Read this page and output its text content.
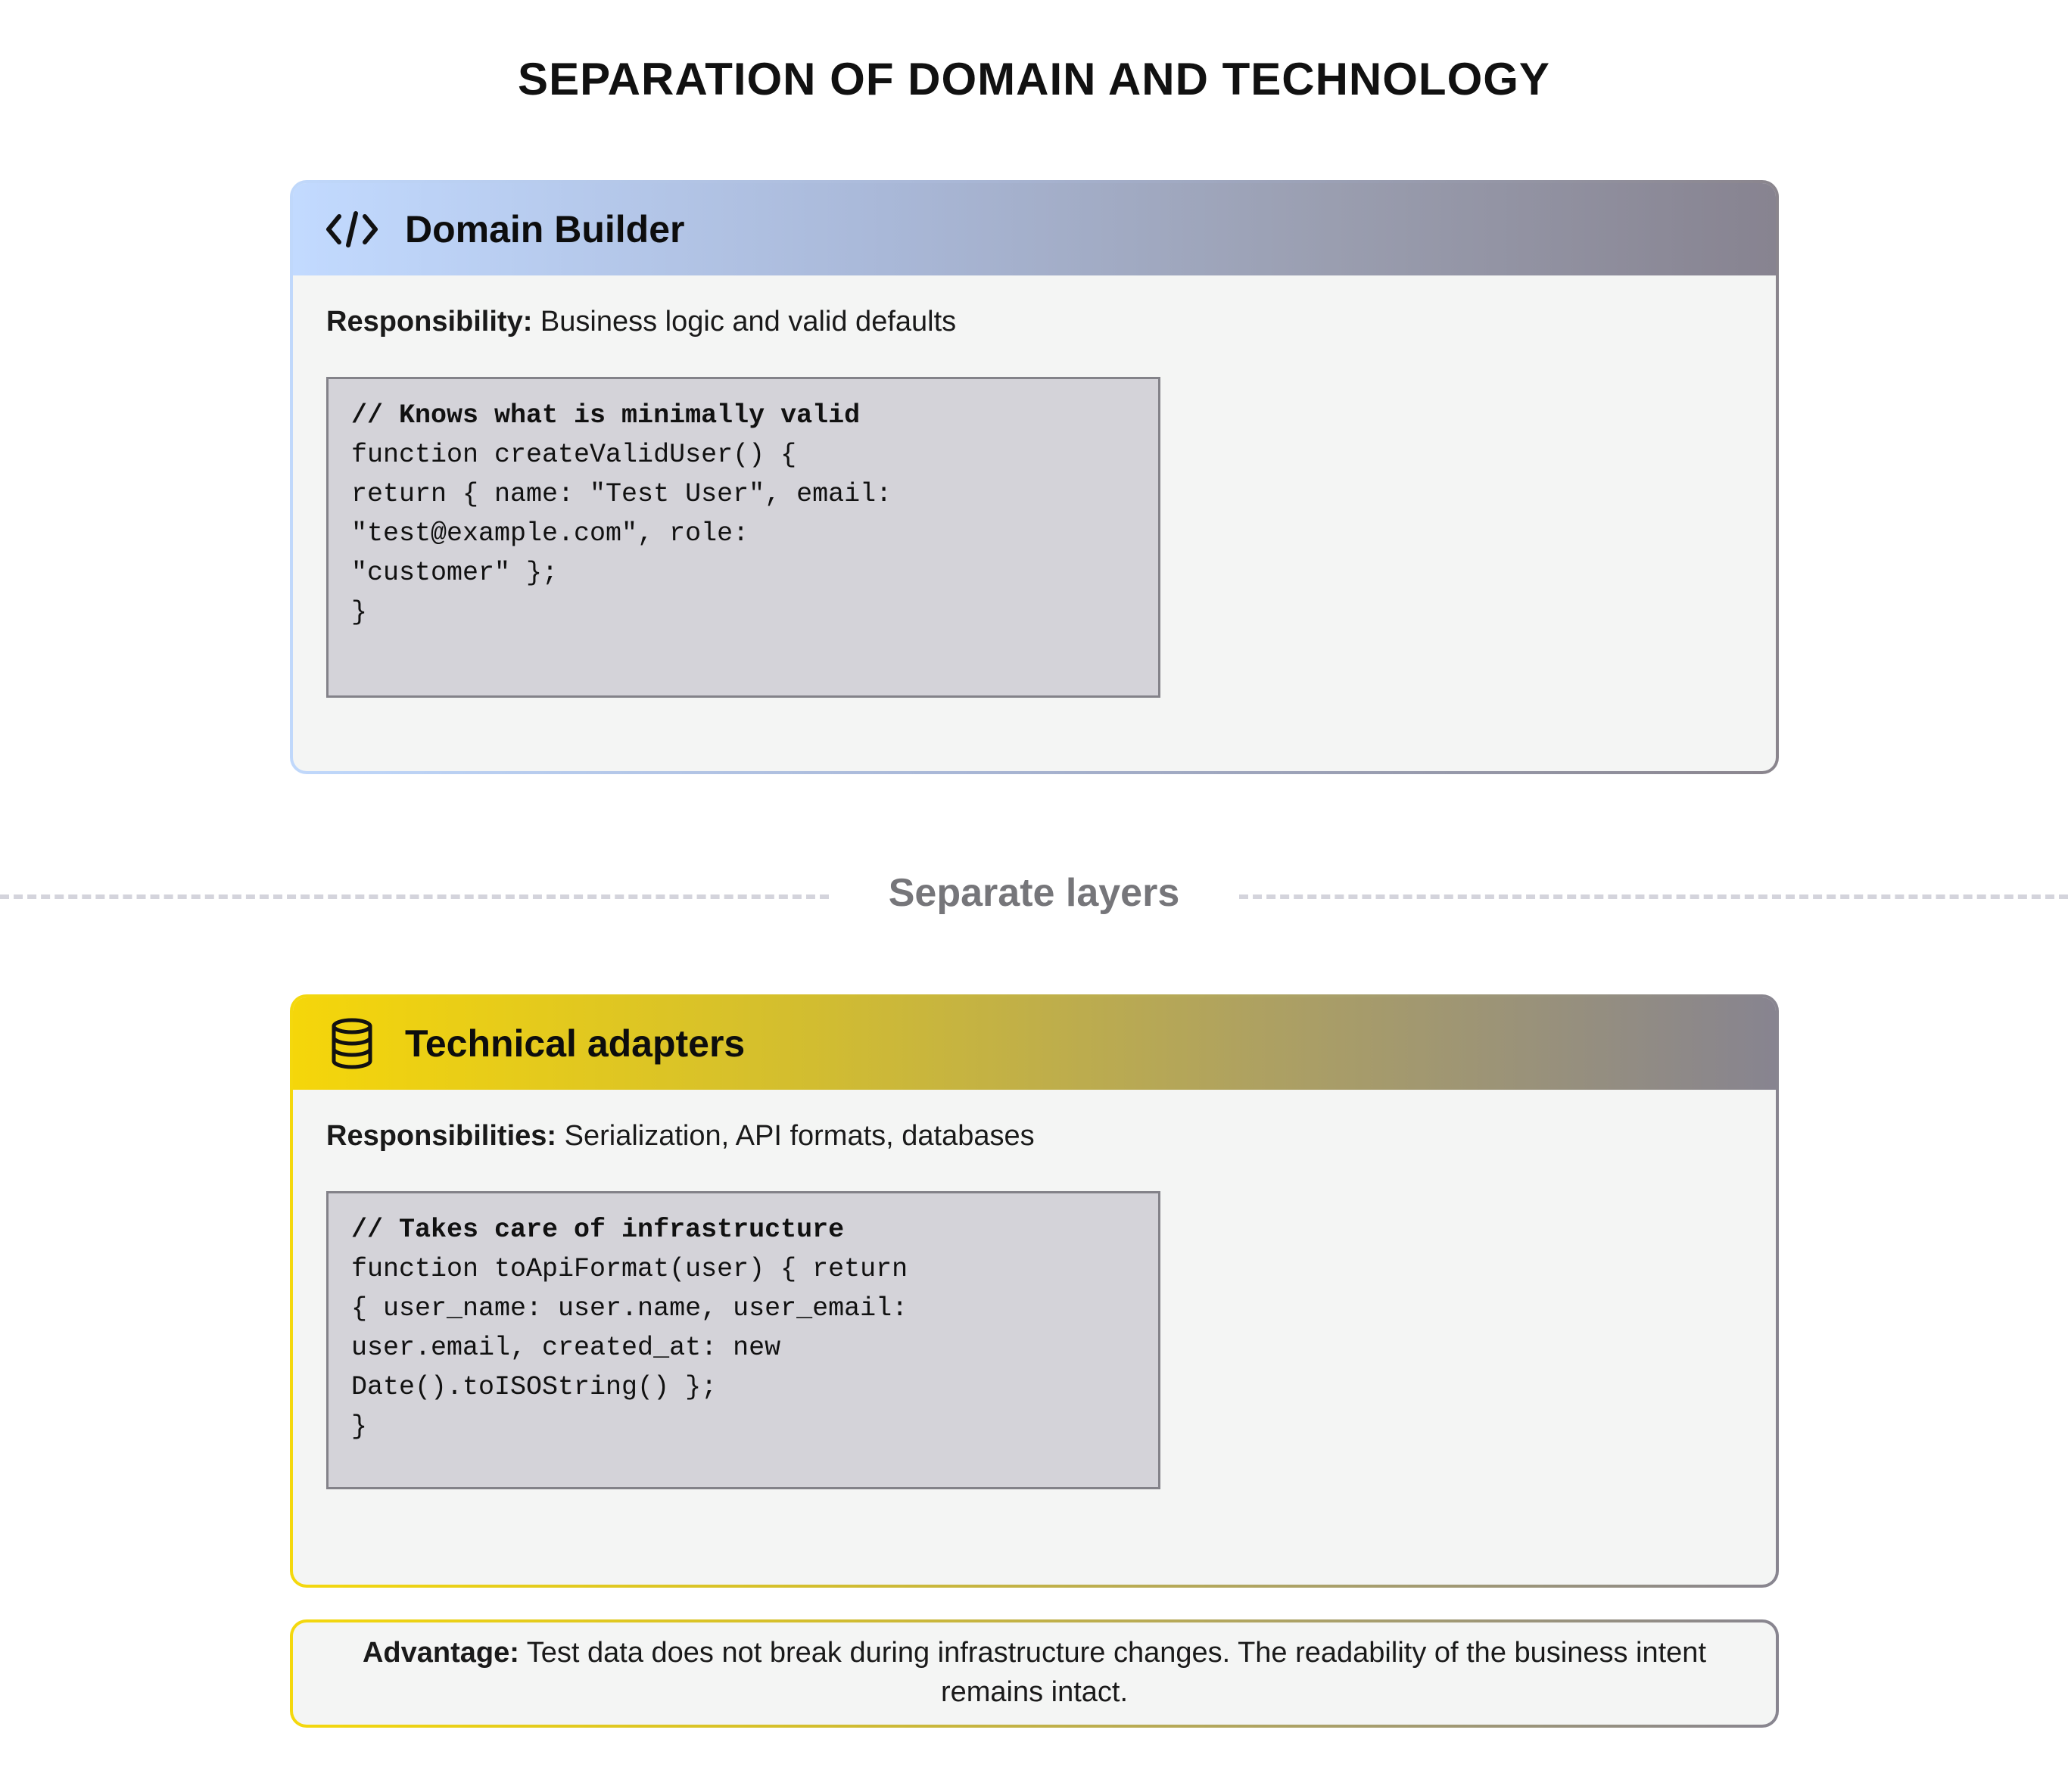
SEPARATION OF DOMAIN AND TECHNOLOGY
Domain Builder
Responsibility: Business logic and valid defaults
// Knows what is minimally valid
function createValidUser() {
return { name: "Test User", email:
"test@example.com", role:
"customer" };
}
Separate layers
Technical adapters
Responsibilities: Serialization, API formats, databases
// Takes care of infrastructure
function toApiFormat(user) { return
{ user_name: user.name, user_email:
user.email, created_at: new
Date().toISOString() };
}
Advantage: Test data does not break during infrastructure changes. The readability of the business intent remains intact.
